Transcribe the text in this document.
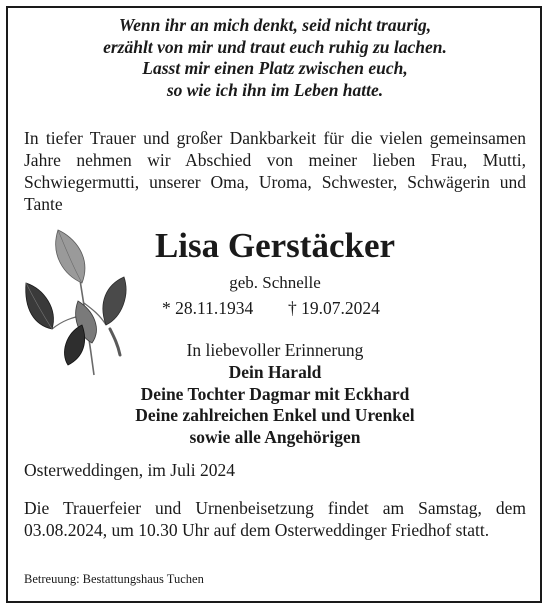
Wenn ihr an mich denkt, seid nicht traurig,
erzählt von mir und traut euch ruhig zu lachen.
Lasst mir einen Platz zwischen euch,
so wie ich ihn im Leben hatte.
In tiefer Trauer und großer Dankbarkeit für die vielen gemeinsamen Jahre nehmen wir Abschied von meiner lieben Frau, Mutti, Schwiegermutti, unserer Oma, Uroma, Schwester, Schwägerin und Tante
Lisa Gerstäcker
geb. Schnelle
* 28.11.1934 † 19.07.2024
In liebevoller Erinnerung
Dein Harald
Deine Tochter Dagmar mit Eckhard
Deine zahlreichen Enkel und Urenkel
sowie alle Angehörigen
Osterweddingen, im Juli 2024
Die Trauerfeier und Urnenbeisetzung findet am Samstag, dem 03.08.2024, um 10.30 Uhr auf dem Osterweddinger Friedhof statt.
Betreuung: Bestattungshaus Tuchen
